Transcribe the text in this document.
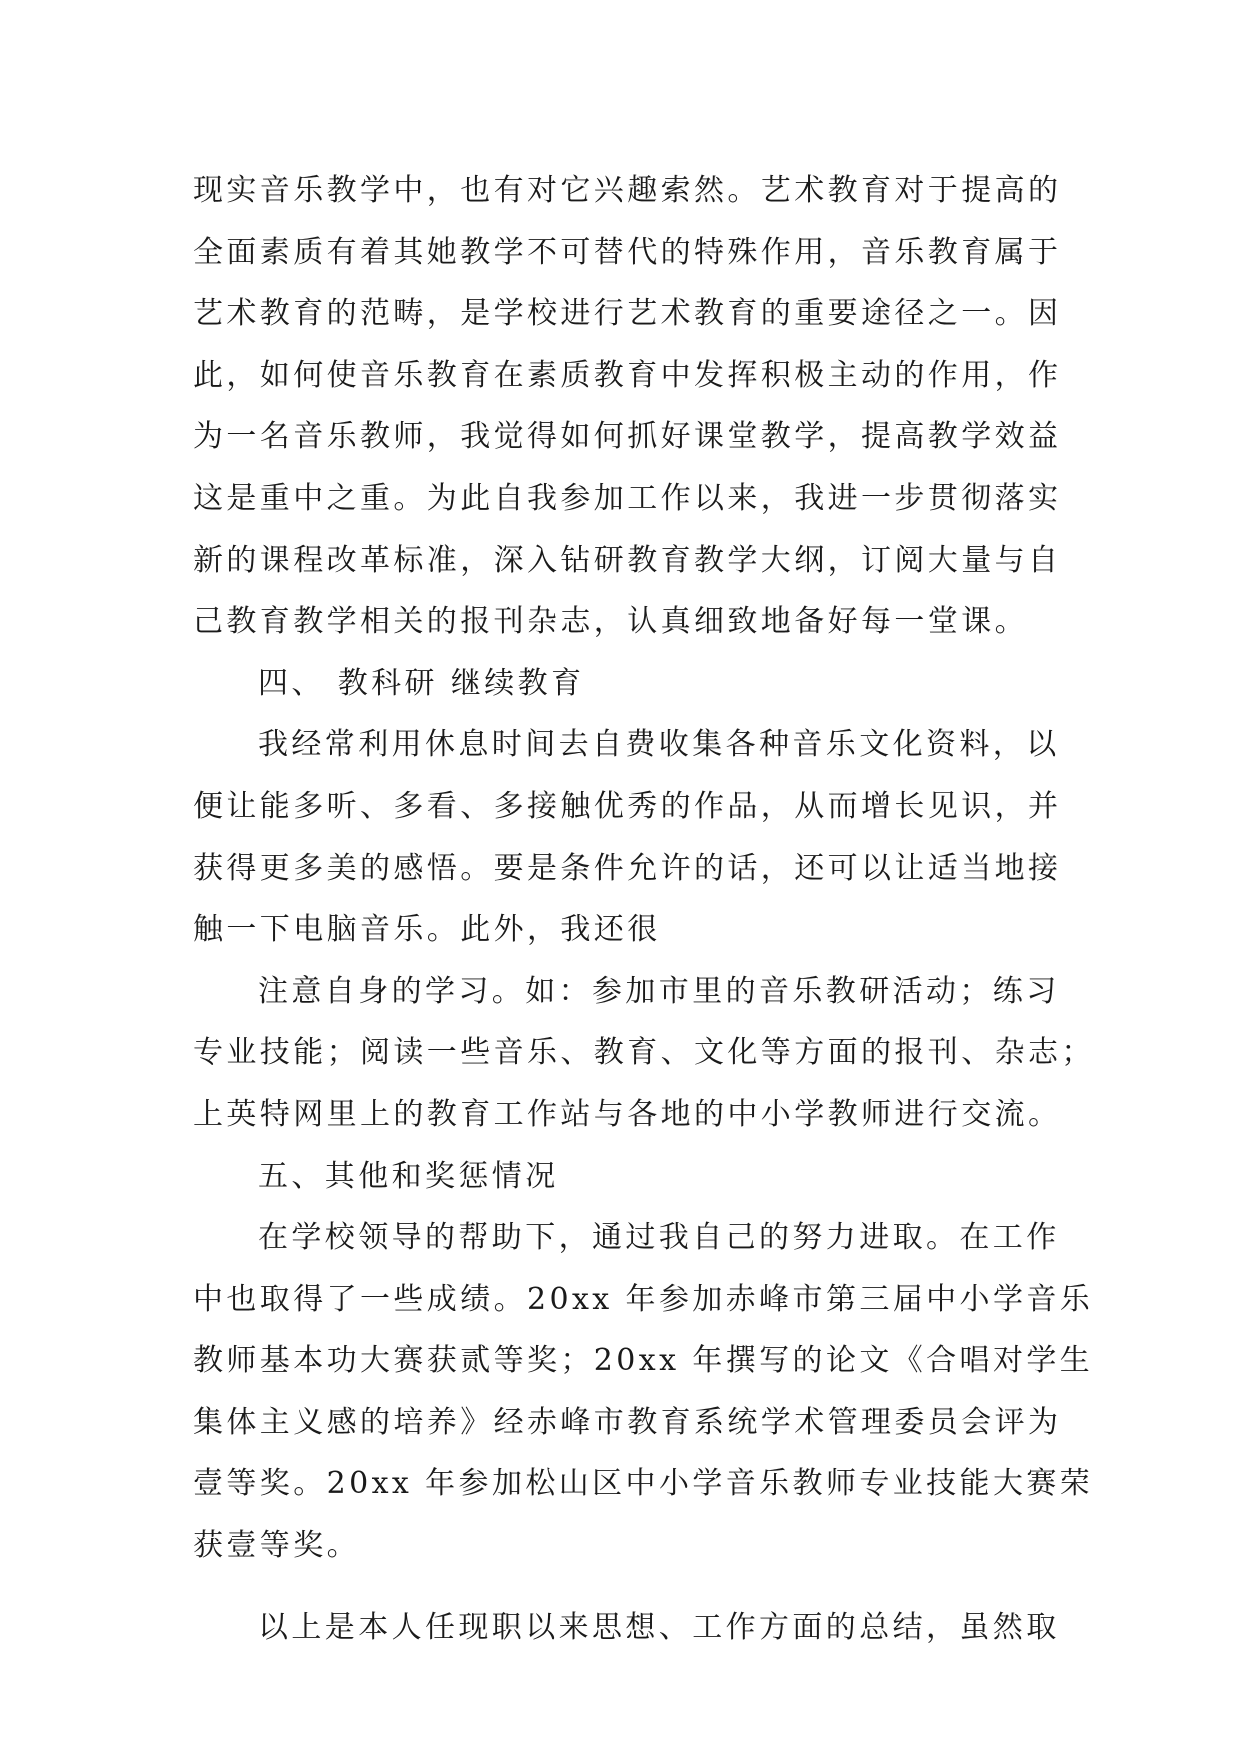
现实音乐教学中，也有对它兴趣索然。艺术教育对于提高的
全面素质有着其她教学不可替代的特殊作用，音乐教育属于
艺术教育的范畴，是学校进行艺术教育的重要途径之一。因
此，如何使音乐教育在素质教育中发挥积极主动的作用，作
为一名音乐教师，我觉得如何抓好课堂教学，提高教学效益
这是重中之重。为此自我参加工作以来，我进一步贯彻落实
新的课程改革标准，深入钻研教育教学大纲，订阅大量与自
己教育教学相关的报刊杂志，认真细致地备好每一堂课。
四、 教科研 继续教育
我经常利用休息时间去自费收集各种音乐文化资料，以
便让能多听、多看、多接触优秀的作品，从而增长见识，并
获得更多美的感悟。要是条件允许的话，还可以让适当地接
触一下电脑音乐。此外，我还很
注意自身的学习。如：参加市里的音乐教研活动；练习
专业技能；阅读一些音乐、教育、文化等方面的报刊、杂志；
上英特网里上的教育工作站与各地的中小学教师进行交流。
五、其他和奖惩情况
在学校领导的帮助下，通过我自己的努力进取。在工作
中也取得了一些成绩。20xx 年参加赤峰市第三届中小学音乐
教师基本功大赛获贰等奖；20xx 年撰写的论文《合唱对学生
集体主义感的培养》经赤峰市教育系统学术管理委员会评为
壹等奖。20xx 年参加松山区中小学音乐教师专业技能大赛荣
获壹等奖。
以上是本人任现职以来思想、工作方面的总结，虽然取
